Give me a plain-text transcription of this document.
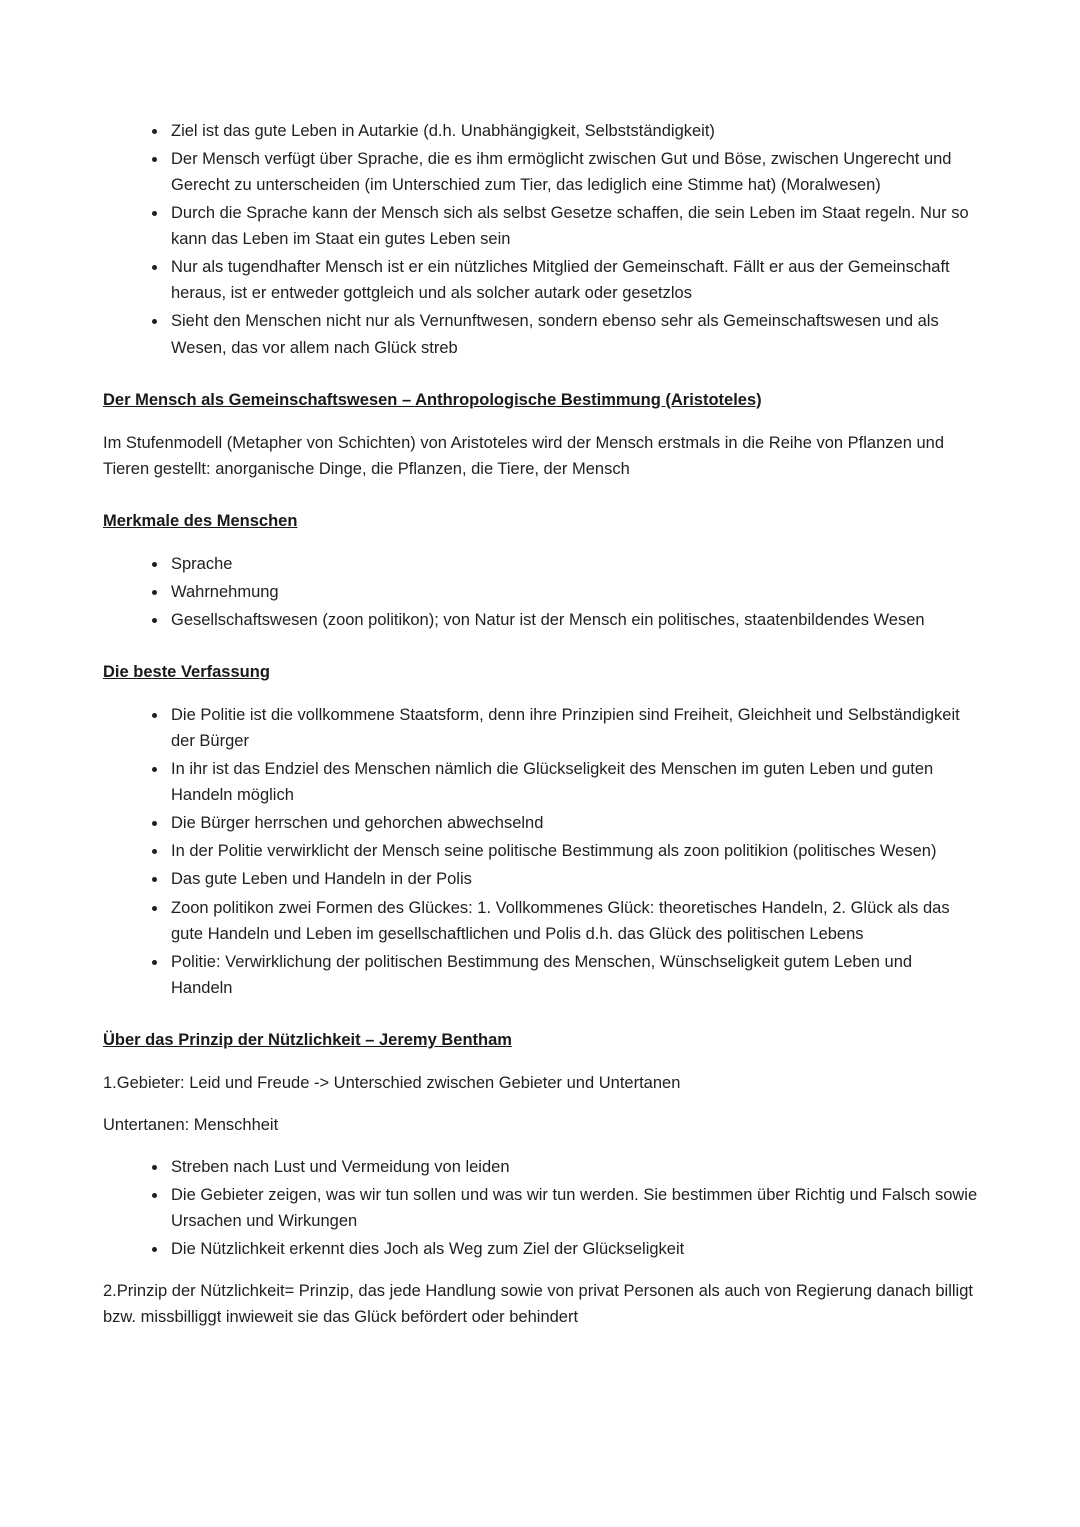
• Ziel ist das gute Leben in Autarkie (d.h. Unabhängigkeit, Selbstständigkeit)
• Der Mensch verfügt über Sprache, die es ihm ermöglicht zwischen Gut und Böse, zwischen Ungerecht und Gerecht zu unterscheiden (im Unterschied zum Tier, das lediglich eine Stimme hat) (Moralwesen)
• Durch die Sprache kann der Mensch sich als selbst Gesetze schaffen, die sein Leben im Staat regeln. Nur so kann das Leben im Staat ein gutes Leben sein
• Nur als tugendhafter Mensch ist er ein nützliches Mitglied der Gemeinschaft. Fällt er aus der Gemeinschaft heraus, ist er entweder gottgleich und als solcher autark oder gesetzlos
• Sieht den Menschen nicht nur als Vernunftwesen, sondern ebenso sehr als Gemeinschaftswesen und als Wesen, das vor allem nach Glück streb
Der Mensch als Gemeinschaftswesen – Anthropologische Bestimmung (Aristoteles)

Im Stufenmodell (Metapher von Schichten) von Aristoteles wird der Mensch erstmals in die Reihe von Pflanzen und Tieren gestellt: anorganische Dinge, die Pflanzen, die Tiere, der Mensch

Merkmale des Menschen
• Sprache
• Wahrnehmung
• Gesellschaftswesen (zoon politikon); von Natur ist der Mensch ein politisches, staatenbildendes Wesen
Die beste Verfassung
• Die Politie ist die vollkommene Staatsform, denn ihre Prinzipien sind Freiheit, Gleichheit und Selbständigkeit der Bürger
• In ihr ist das Endziel des Menschen nämlich die Glückseligkeit des Menschen im guten Leben und guten Handeln möglich
• Die Bürger herrschen und gehorchen abwechselnd
• In der Politie verwirklicht der Mensch seine politische Bestimmung als zoon politikion (politisches Wesen)
• Das gute Leben und Handeln in der Polis
• Zoon politikon zwei Formen des Glückes: 1. Vollkommenes Glück: theoretisches Handeln, 2. Glück als das gute Handeln und Leben im gesellschaftlichen und Polis d.h. das Glück des politischen Lebens
• Politie: Verwirklichung der politischen Bestimmung des Menschen, Wünschseligkeit gutem Leben und Handeln
Über das Prinzip der Nützlichkeit – Jeremy Bentham

1.Gebieter: Leid und Freude -> Unterschied zwischen Gebieter und Untertanen

Untertanen: Menschheit

• Streben nach Lust und Vermeidung von leiden
• Die Gebieter zeigen, was wir tun sollen und was wir tun werden. Sie bestimmen über Richtig und Falsch sowie Ursachen und Wirkungen
• Die Nützlichkeit erkennt dies Joch als Weg zum Ziel der Glückseligkeit

2.Prinzip der Nützlichkeit= Prinzip, das jede Handlung sowie von privat Personen als auch von Regierung danach billigt bzw. missbilliggt inwieweit sie das Glück befördert oder behindert
